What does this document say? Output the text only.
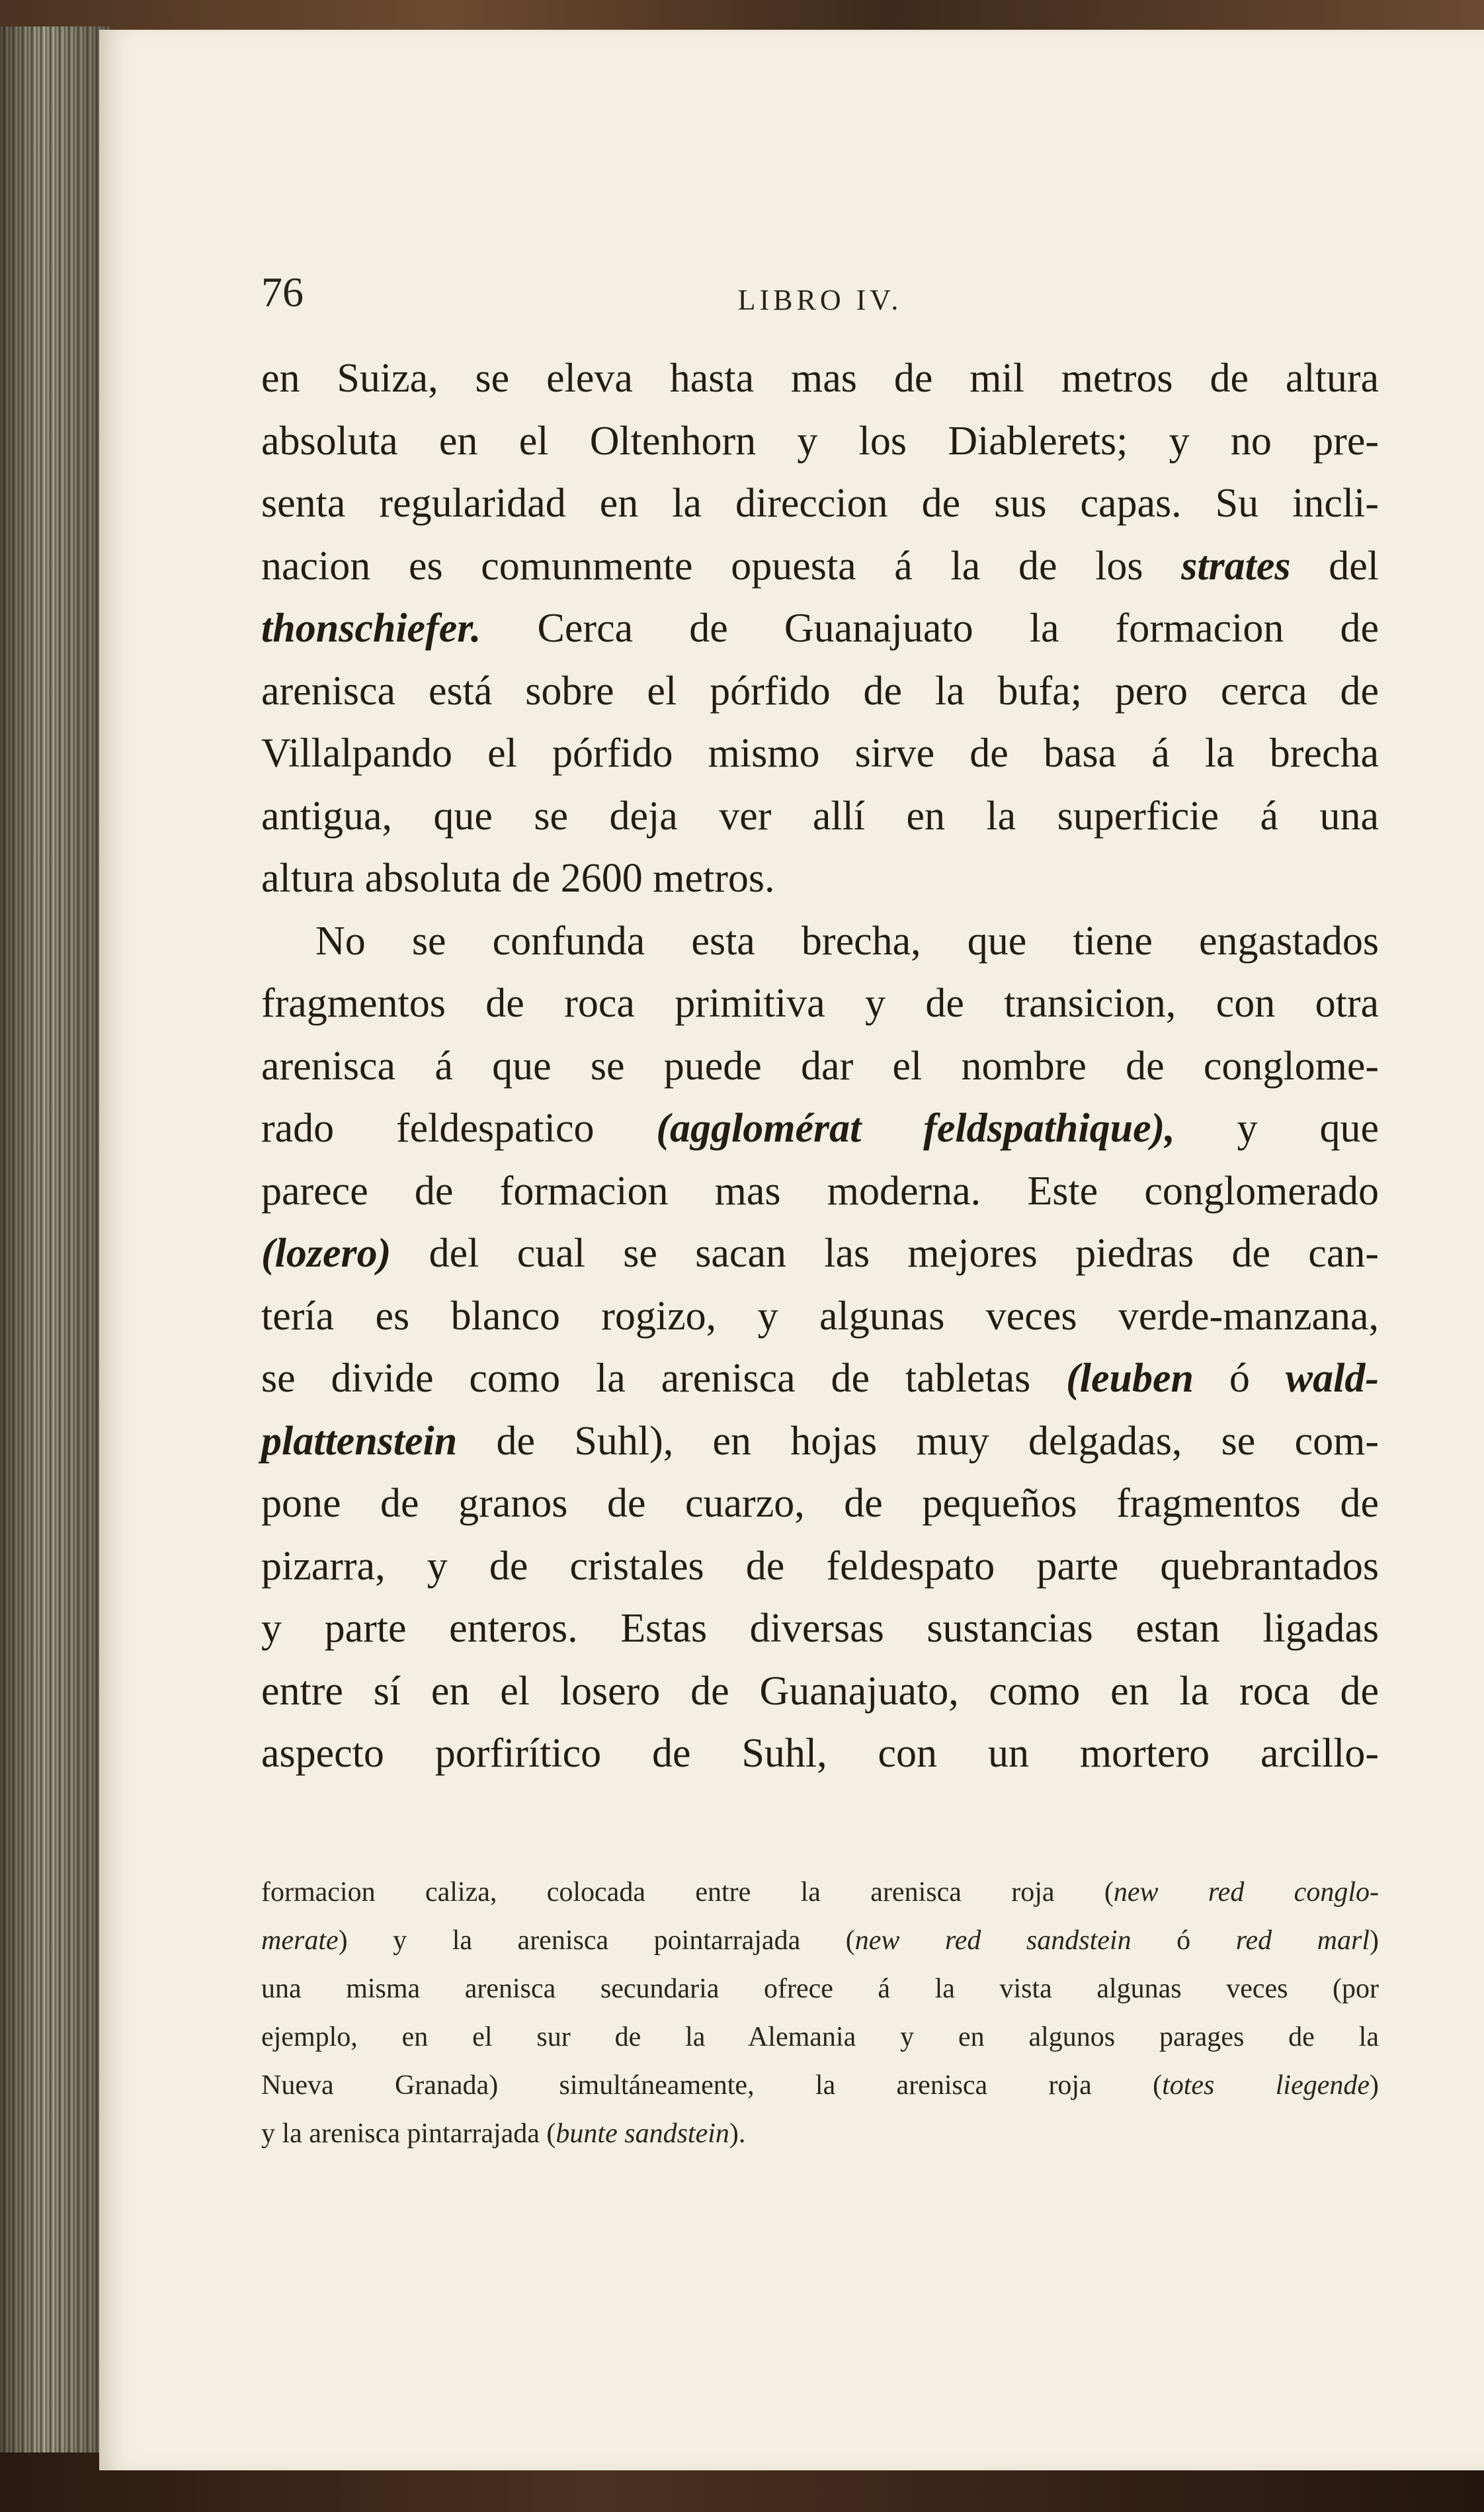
76	LIBRO IV.
en Suiza, se eleva hasta mas de mil metros de altura
absoluta en el Oltenhorn y los Diablerets; y no pre-
senta regularidad en la direccion de sus capas. Su incli-
nacion es comunmente opuesta á la de los strates del
thonschiefer. Cerca de Guanajuato la formacion de
arenisca está sobre el pórfido de la bufa; pero cerca de
Villalpando el pórfido mismo sirve de basa á la brecha
antigua, que se deja ver allí en la superficie á una
altura absoluta de 2600 metros.
No se confunda esta brecha, que tiene engastados
fragmentos de roca primitiva y de transicion, con otra
arenisca á que se puede dar el nombre de conglome-
rado feldespatico (agglomérat feldspathique), y que
parece de formacion mas moderna. Este conglomerado
(lozero) del cual se sacan las mejores piedras de can-
tería es blanco rogizo, y algunas veces verde-manzana,
se divide como la arenisca de tabletas (leuben ó wald-
plattenstein de Suhl), en hojas muy delgadas, se com-
pone de granos de cuarzo, de pequeños fragmentos de
pizarra, y de cristales de feldespato parte quebrantados
y parte enteros. Estas diversas sustancias estan ligadas
entre sí en el losero de Guanajuato, como en la roca de
aspecto porfirítico de Suhl, con un mortero arcillo-
formacion caliza, colocada entre la arenisca roja (new red conglo-
merate) y la arenisca pointarrajada (new red sandstein ó red marl)
una misma arenisca secundaria ofrece á la vista algunas veces (por
ejemplo, en el sur de la Alemania y en algunos parages de la
Nueva Granada) simultáneamente, la arenisca roja (totes liegende)
y la arenisca pintarrajada (bunte sandstein).
